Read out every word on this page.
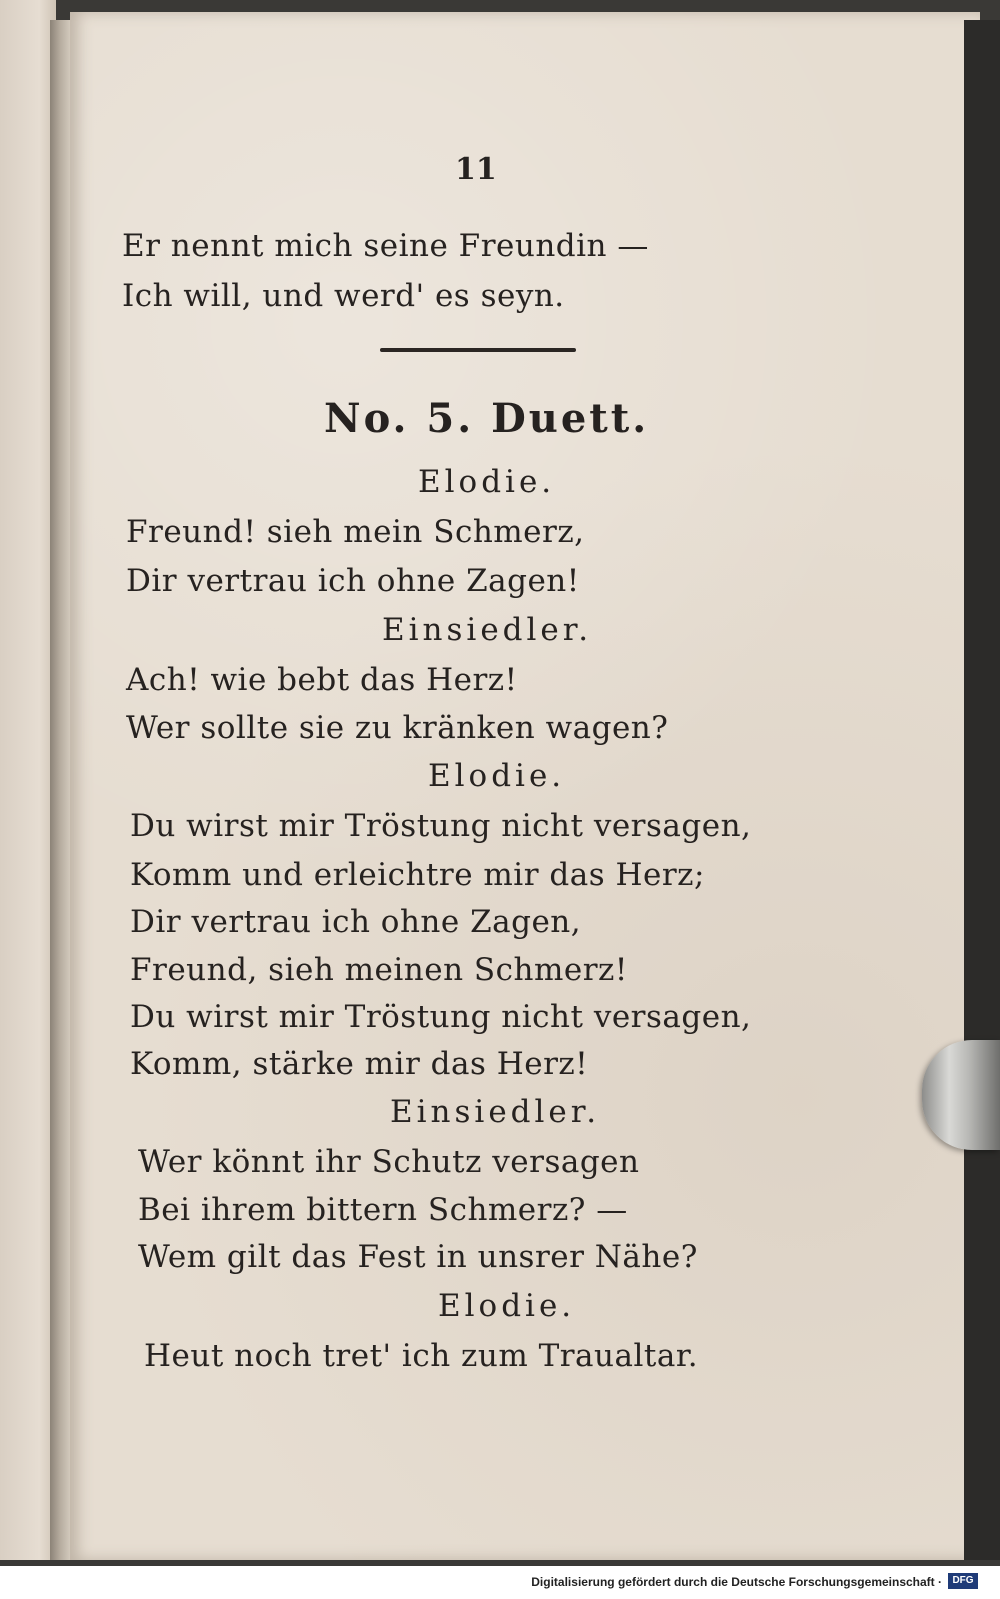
11
Er nennt mich seine Freundin —
Ich will, und werd' es seyn.
No. 5. Duett.
Elodie.
Freund! sieh mein Schmerz,
Dir vertrau ich ohne Zagen!
Einsiedler.
Ach! wie bebt das Herz!
Wer sollte sie zu kränken wagen?
Elodie.
Du wirst mir Tröstung nicht versagen,
Komm und erleichtre mir das Herz;
Dir vertrau ich ohne Zagen,
Freund, sieh meinen Schmerz!
Du wirst mir Tröstung nicht versagen,
Komm, stärke mir das Herz!
Einsiedler.
Wer könnt ihr Schutz versagen
Bei ihrem bittern Schmerz? —
Wem gilt das Fest in unsrer Nähe?
Elodie.
Heut noch tret' ich zum Traualtar.
Digitalisierung gefördert durch die Deutsche Forschungsgemeinschaft ·	DFG
